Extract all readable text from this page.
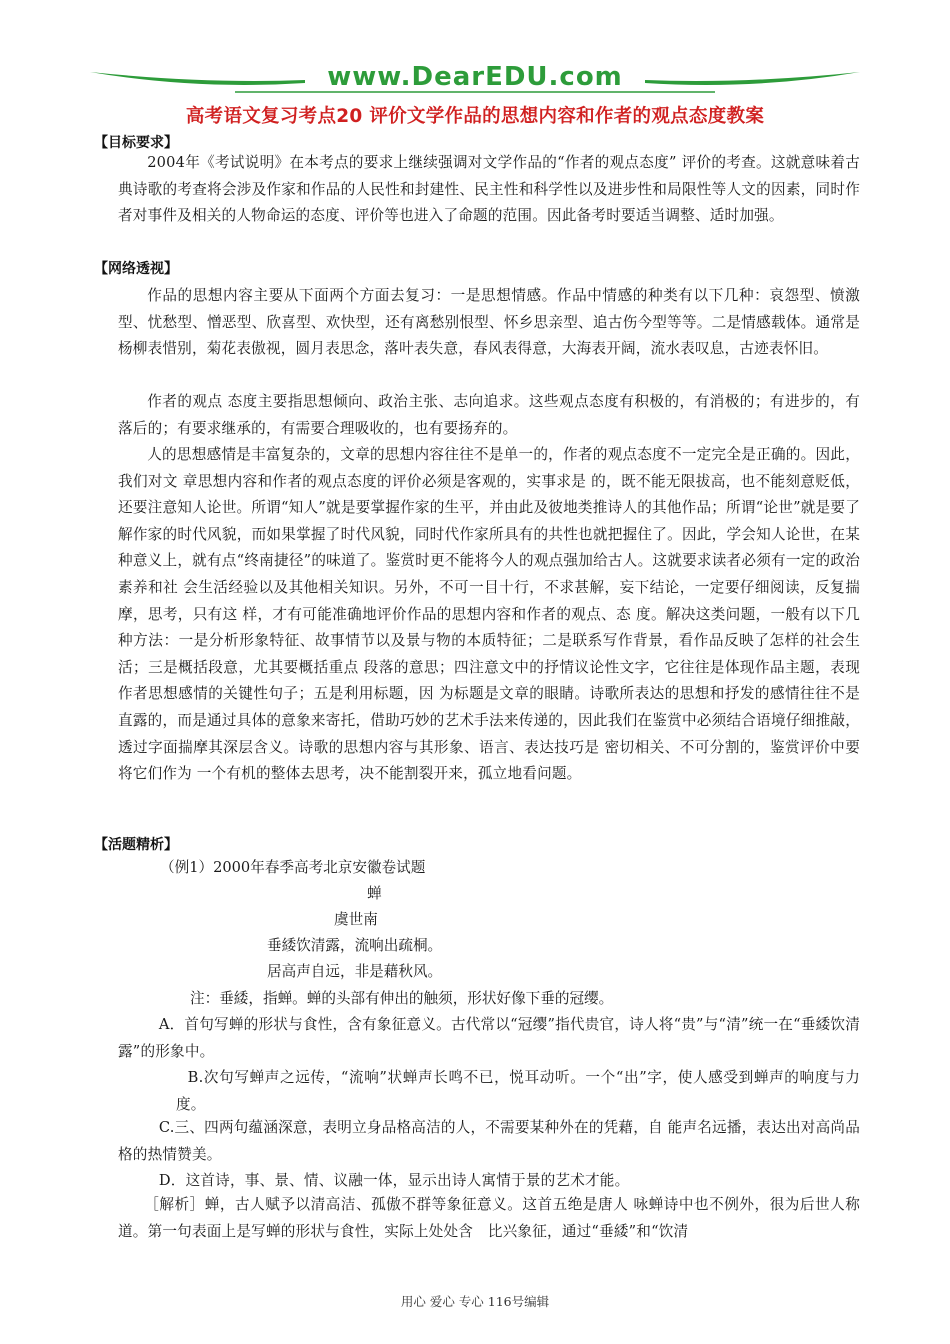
www.DearEDU.com
高考语文复习考点20 评价文学作品的思想内容和作者的观点态度教案
【目标要求】
2004年《考试说明》在本考点的要求上继续强调对文学作品的“作者的观点态度” 评价的考查。这就意味着古典诗歌的考查将会涉及作家和作品的人民性和封建性、民主性和科学性以及进步性和局限性等人文的因素，同时作者对事件及相关的人物命运的态度、评价等也进入了命题的范围。因此备考时要适当调整、适时加强。
【网络透视】
作品的思想内容主要从下面两个方面去复习：一是思想情感。作品中情感的种类有以下几种：哀怨型、愤激型、忧愁型、憎恶型、欣喜型、欢快型，还有离愁别恨型、怀乡思亲型、追古伤今型等等。二是情感载体。通常是杨柳表惜别，菊花表傲视，圆月表思念，落叶表失意，春风表得意，大海表开阔，流水表叹息，古迹表怀旧。
作者的观点 态度主要指思想倾向、政治主张、志向追求。这些观点态度有积极的，有消极的；有进步的，有落后的；有要求继承的，有需要合理吸收的，也有要扬弃的。
人的思想感情是丰富复杂的，文章的思想内容往往不是单一的，作者的观点态度不一定完全是正确的。因此，我们对文 章思想内容和作者的观点态度的评价必须是客观的，实事求是 的，既不能无限拔高，也不能刻意贬低，还要注意知人论世。所谓“知人”就是要掌握作家的生平，并由此及彼地类推诗人的其他作品；所谓“论世”就是要了解作家的时代风貌，而如果掌握了时代风貌，同时代作家所具有的共性也就把握住了。因此，学会知人论世，在某种意义上，就有点“终南捷径”的味道了。鉴赏时更不能将今人的观点强加给古人。这就要求读者必须有一定的政治素养和社 会生活经验以及其他相关知识。另外，不可一目十行，不求甚解，妄下结论，一定要仔细阅读，反复揣摩，思考，只有这 样，才有可能准确地评价作品的思想内容和作者的观点、态 度。解决这类问题，一般有以下几种方法：一是分析形象特征、故事情节以及景与物的本质特征；二是联系写作背景，看作品反映了怎样的社会生活；三是概括段意，尤其要概括重点 段落的意思；四注意文中的抒情议论性文字，它往往是体现作品主题，表现作者思想感情的关键性句子；五是利用标题，因 为标题是文章的眼睛。诗歌所表达的思想和抒发的感情往往不是直露的，而是通过具体的意象来寄托，借助巧妙的艺术手法来传递的，因此我们在鉴赏中必须结合语境仔细推敲，透过字面揣摩其深层含义。诗歌的思想内容与其形象、语言、表达技巧是 密切相关、不可分割的，鉴赏评价中要将它们作为 一个有机的整体去思考，决不能割裂开来，孤立地看问题。
【活题精析】
（例1）2000年春季高考北京安徽卷试题
蝉
虞世南
垂緌饮清露，流响出疏桐。
居高声自远，非是藉秋风。
注：垂緌，指蝉。蝉的头部有伸出的触须，形状好像下垂的冠缨。
A．首句写蝉的形状与食性，含有象征意义。古代常以“冠缨”指代贵官，诗人将“贵”与“清”统一在“垂緌饮清露”的形象中。
B.次句写蝉声之远传，“流响”状蝉声长鸣不已，悦耳动听。一个“出”字，使人感受到蝉声的响度与力度。
C.三、四两句蕴涵深意，表明立身品格高洁的人，不需要某种外在的凭藉，自 能声名远播，表达出对高尚品格的热情赞美。
D．这首诗，事、景、情、议融一体，显示出诗人寓情于景的艺术才能。
［解析］蝉，古人赋予以清高洁、孤傲不群等象征意义。这首五绝是唐人 咏蝉诗中也不例外，很为后世人称道。第一句表面上是写蝉的形状与食性，实际上处处含　比兴象征，通过“垂緌”和“饮清
用心 爱心 专心 116号编辑
